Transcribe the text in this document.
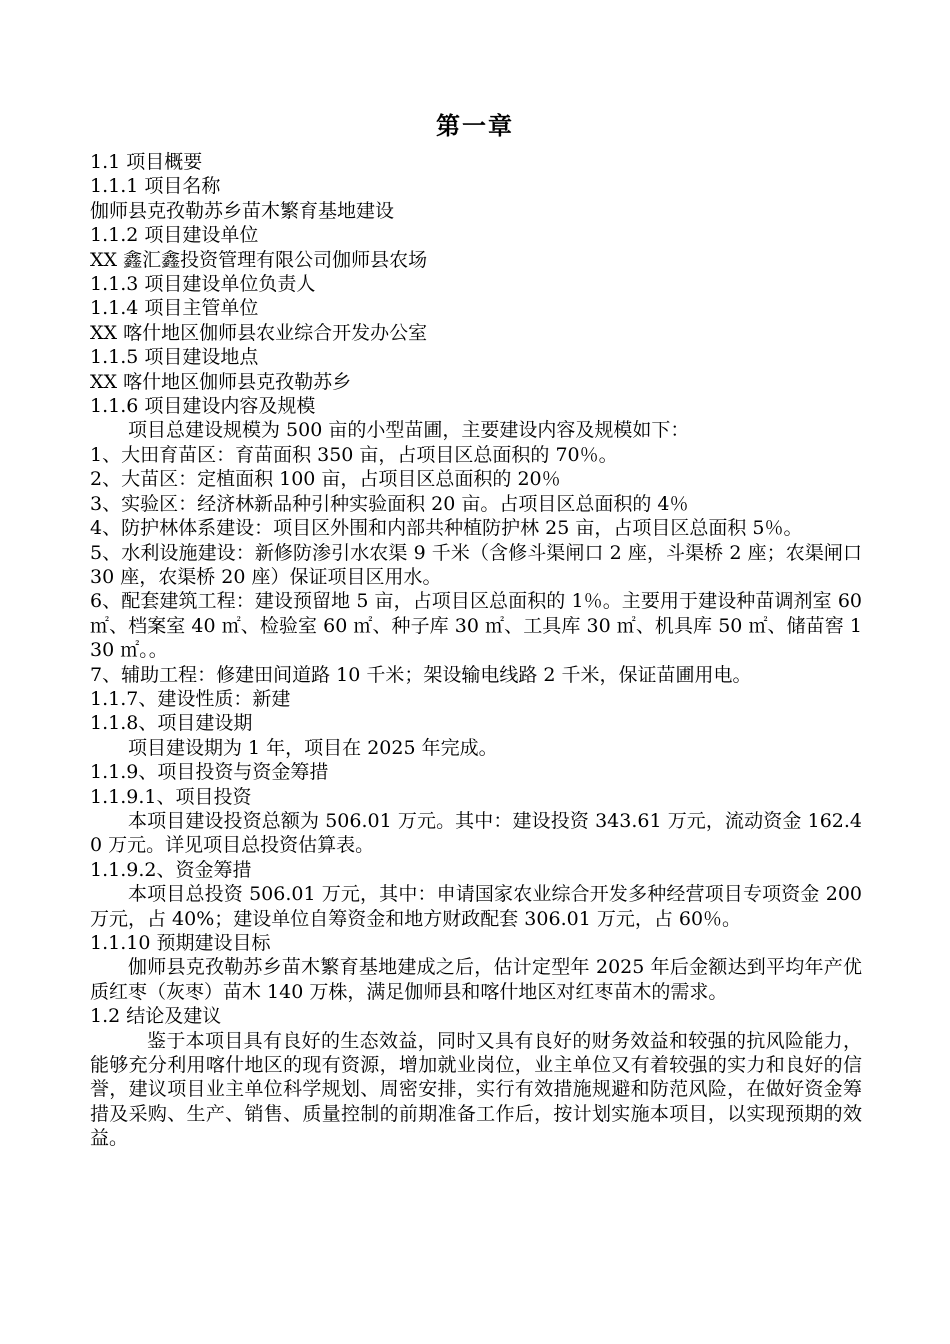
第一章
1.1 项目概要
1.1.1 项目名称
伽师县克孜勒苏乡苗木繁育基地建设
1.1.2 项目建设单位
XX 鑫汇鑫投资管理有限公司伽师县农场
1.1.3 项目建设单位负责人
1.1.4 项目主管单位
XX 喀什地区伽师县农业综合开发办公室
1.1.5 项目建设地点
XX 喀什地区伽师县克孜勒苏乡
1.1.6 项目建设内容及规模
项目总建设规模为 500 亩的小型苗圃，主要建设内容及规模如下：
1、大田育苗区：育苗面积 350 亩，占项目区总面积的 70％。
2、大苗区：定植面积 100 亩，占项目区总面积的 20％
3、实验区：经济林新品种引种实验面积 20 亩。占项目区总面积的 4％
4、防护林体系建设：项目区外围和内部共种植防护林 25 亩，占项目区总面积 5％。
5、水利设施建设：新修防渗引水农渠 9 千米（含修斗渠闸口 2 座，斗渠桥 2 座；农渠闸口 30 座，农渠桥 20 座）保证项目区用水。
6、配套建筑工程：建设预留地 5 亩，占项目区总面积的 1％。主要用于建设种苗调剂室 60㎡、档案室 40 ㎡、检验室 60 ㎡、种子库 30 ㎡、工具库 30 ㎡、机具库 50 ㎡、储苗窖 130 ㎡。。
7、辅助工程：修建田间道路 10 千米；架设输电线路 2 千米，保证苗圃用电。
1.1.7、建设性质：新建
1.1.8、项目建设期
项目建设期为 1 年，项目在 2025 年完成。
1.1.9、项目投资与资金筹措
1.1.9.1、项目投资
本项目建设投资总额为 506.01 万元。其中：建设投资 343.61 万元，流动资金 162.40 万元。详见项目总投资估算表。
1.1.9.2、资金筹措
本项目总投资 506.01 万元，其中：申请国家农业综合开发多种经营项目专项资金 200 万元，占 40%；建设单位自筹资金和地方财政配套 306.01 万元，占 60％。
1.1.10 预期建设目标
伽师县克孜勒苏乡苗木繁育基地建成之后，估计定型年 2025 年后金额达到平均年产优质红枣（灰枣）苗木 140 万株，满足伽师县和喀什地区对红枣苗木的需求。
1.2 结论及建议
鉴于本项目具有良好的生态效益，同时又具有良好的财务效益和较强的抗风险能力，能够充分利用喀什地区的现有资源，增加就业岗位，业主单位又有着较强的实力和良好的信誉，建议项目业主单位科学规划、周密安排，实行有效措施规避和防范风险，在做好资金筹措及采购、生产、销售、质量控制的前期准备工作后，按计划实施本项目，以实现预期的效益。
